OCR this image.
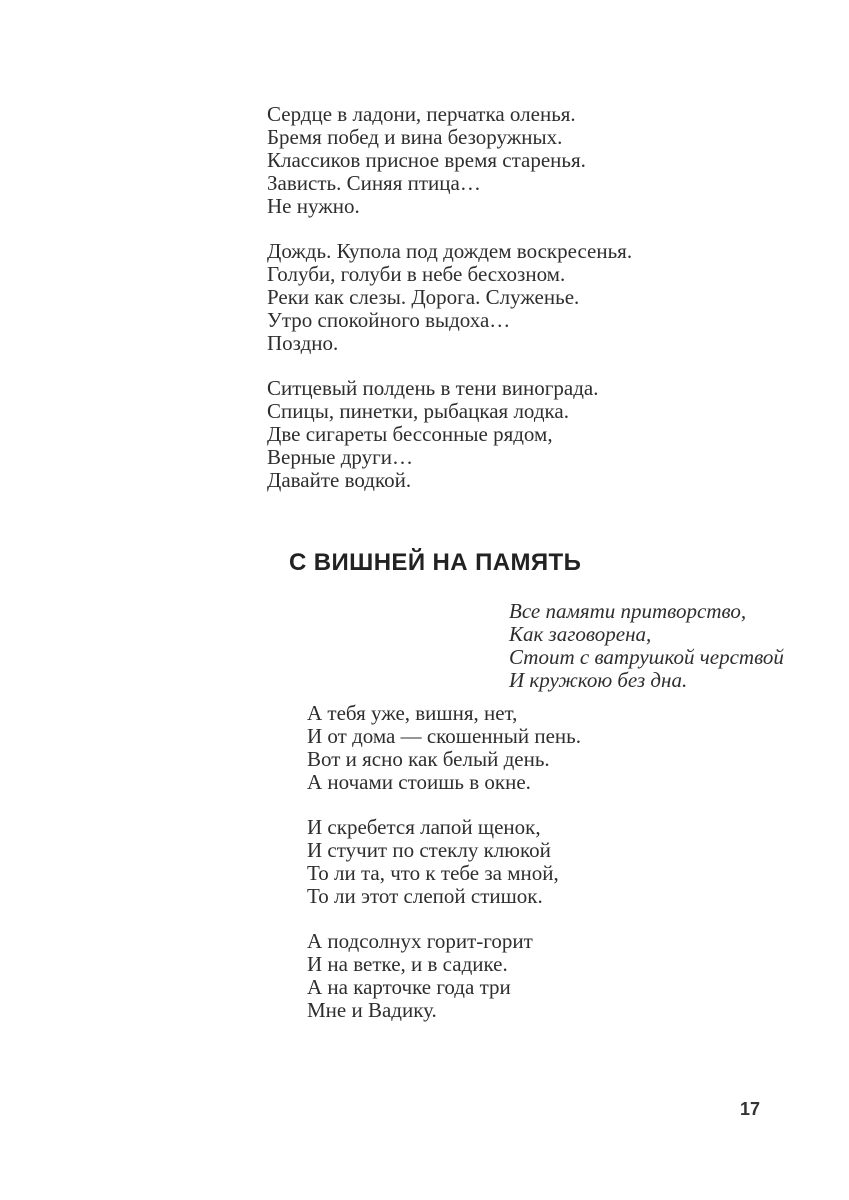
Сердце в ладони, перчатка оленья.
Бремя побед и вина безоружных.
Классиков присное время старенья.
Зависть. Синяя птица…
Не нужно.
Дождь. Купола под дождем воскресенья.
Голуби, голуби в небе бесхозном.
Реки как слезы. Дорога. Служенье.
Утро спокойного выдоха…
Поздно.
Ситцевый полдень в тени винограда.
Спицы, пинетки, рыбацкая лодка.
Две сигареты бессонные рядом,
Верные други…
Давайте водкой.
С ВИШНЕЙ НА ПАМЯТЬ
Все памяти притворство,
Как заговорена,
Стоит с ватрушкой черствой
И кружкою без дна.
А тебя уже, вишня, нет,
И от дома — скошенный пень.
Вот и ясно как белый день.
А ночами стоишь в окне.
И скребется лапой щенок,
И стучит по стеклу клюкой
То ли та, что к тебе за мной,
То ли этот слепой стишок.
А подсолнух горит-горит
И на ветке, и в садике.
А на карточке года три
Мне и Вадику.
17
